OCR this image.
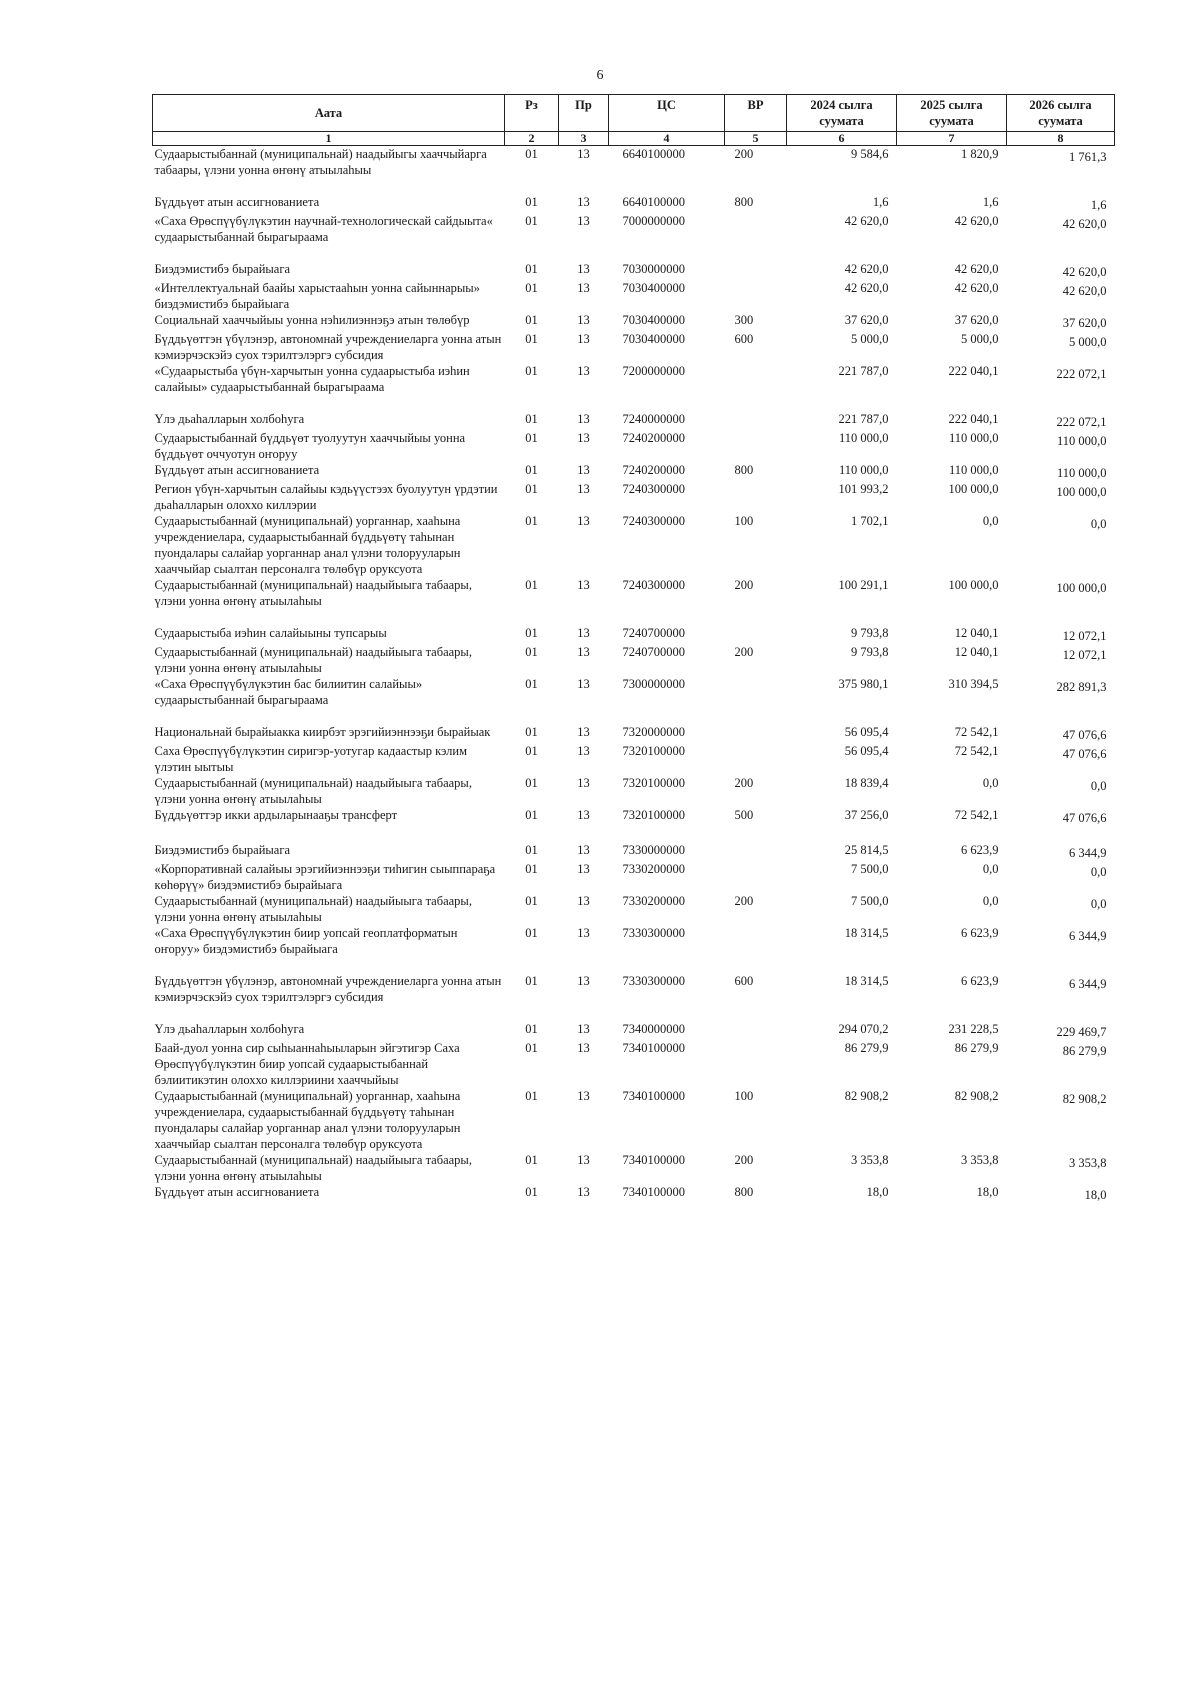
6
Аата	Рз	Пр	ЦС	ВР	2024 сылга суумата	2025 сылга суумата	2026 сылга суумата
1	2	3	4	5	6	7	8
Судаарыстыбаннай (муниципальнай) наадыйыгы хааччыйарга табаары, үлэни уонна өҥөнү атыылаһыы	01	13	6640100000	200	9 584,6	1 820,9	1 761,3
Бүддьүөт атын ассигнованиета	01	13	6640100000	800	1,6	1,6	1,6
«Саха Өрөспүүбүлүкэтин научнай-технологическай сайдыыта« судаарыстыбаннай бырагыраама	01	13	7000000000		42 620,0	42 620,0	42 620,0
Биэдэмистибэ бырайыага	01	13	7030000000		42 620,0	42 620,0	42 620,0
«Интеллектуальнай баайы харыстааһын уонна сайыннарыы» биэдэмистибэ бырайыага	01	13	7030400000		42 620,0	42 620,0	42 620,0
Социальнай хааччыйыы уонна нэһилиэннэҕэ атын төлөбүр	01	13	7030400000	300	37 620,0	37 620,0	37 620,0
Бүддьүөттэн үбүлэнэр, автономнай учреждениеларга уонна атын кэмиэрчэскэйэ суох тэрилтэлэргэ субсидия	01	13	7030400000	600	5 000,0	5 000,0	5 000,0
«Судаарыстыба үбүн-харчытын уонна судаарыстыба иэһин салайыы» судаарыстыбаннай бырагыраама	01	13	7200000000		221 787,0	222 040,1	222 072,1
Үлэ дьаһалларын холбоһуга	01	13	7240000000		221 787,0	222 040,1	222 072,1
Судаарыстыбаннай бүддьүөт туолуутун хааччыйыы уонна бүддьүөт оччуотун оҥоруу	01	13	7240200000		110 000,0	110 000,0	110 000,0
Бүддьүөт атын ассигнованиета	01	13	7240200000	800	110 000,0	110 000,0	110 000,0
Регион үбүн-харчытын салайыы кэдьүүстээх буолуутун үрдэтии дьаһалларын олоххо киллэрии	01	13	7240300000		101 993,2	100 000,0	100 000,0
Судаарыстыбаннай (муниципальнай) уорганнар, хааһына учреждениелара, судаарыстыбаннай бүддьүөтү таһынан пуондалары салайар уорганнар анал үлэни толорууларын хааччыйар сыалтан персоналга төлөбүр оруксуота	01	13	7240300000	100	1 702,1	0,0	0,0
Судаарыстыбаннай (муниципальнай) наадыйыыга табаары, үлэни уонна өҥөнү атыылаһыы	01	13	7240300000	200	100 291,1	100 000,0	100 000,0
Судаарыстыба иэһин салайыыны тупсарыы	01	13	7240700000		9 793,8	12 040,1	12 072,1
Судаарыстыбаннай (муниципальнай) наадыйыыга табаары, үлэни уонна өҥөнү атыылаһыы	01	13	7240700000	200	9 793,8	12 040,1	12 072,1
«Саха Өрөспүүбүлүкэтин бас билиитин салайыы» судаарыстыбаннай бырагыраама	01	13	7300000000		375 980,1	310 394,5	282 891,3
Национальнай бырайыакка киирбэт эрэгийиэннээҕи бырайыак	01	13	7320000000		56 095,4	72 542,1	47 076,6
Саха Өрөспүүбүлүкэтин сиригэр-уотугар кадаастыр кэлим үлэтин ыытыы	01	13	7320100000		56 095,4	72 542,1	47 076,6
Судаарыстыбаннай (муниципальнай) наадыйыыга табаары, үлэни уонна өҥөнү атыылаһыы	01	13	7320100000	200	18 839,4	0,0	0,0
Бүддьүөттэр икки ардыларынааҕы трансферт	01	13	7320100000	500	37 256,0	72 542,1	47 076,6
Биэдэмистибэ бырайыага	01	13	7330000000		25 814,5	6 623,9	6 344,9
«Корпоративнай салайыы эрэгийиэннээҕи тиһигин сыыппараҕа көһөрүү» биэдэмистибэ бырайыага	01	13	7330200000		7 500,0	0,0	0,0
Судаарыстыбаннай (муниципальнай) наадыйыыга табаары, үлэни уонна өҥөнү атыылаһыы	01	13	7330200000	200	7 500,0	0,0	0,0
«Саха Өрөспүүбүлүкэтин биир уопсай геоплатформатын оҥоруу» биэдэмистибэ бырайыага	01	13	7330300000		18 314,5	6 623,9	6 344,9
Бүддьүөттэн үбүлэнэр, автономнай учреждениеларга уонна атын кэмиэрчэскэйэ суох тэрилтэлэргэ субсидия	01	13	7330300000	600	18 314,5	6 623,9	6 344,9
Үлэ дьаһалларын холбоһуга	01	13	7340000000		294 070,2	231 228,5	229 469,7
Баай-дуол уонна сир сыһыаннаһыыларын эйгэтигэр Саха Өрөспүүбүлүкэтин биир уопсай судаарыстыбаннай бэлиитикэтин олоххо киллэриини хааччыйыы	01	13	7340100000		86 279,9	86 279,9	86 279,9
Судаарыстыбаннай (муниципальнай) уорганнар, хааһына учреждениелара, судаарыстыбаннай бүддьүөтү таһынан пуондалары салайар уорганнар анал үлэни толорууларын хааччыйар сыалтан персоналга төлөбүр оруксуота	01	13	7340100000	100	82 908,2	82 908,2	82 908,2
Судаарыстыбаннай (муниципальнай) наадыйыыга табаары, үлэни уонна өҥөнү атыылаһыы	01	13	7340100000	200	3 353,8	3 353,8	3 353,8
Бүддьүөт атын ассигнованиета	01	13	7340100000	800	18,0	18,0	18,0
